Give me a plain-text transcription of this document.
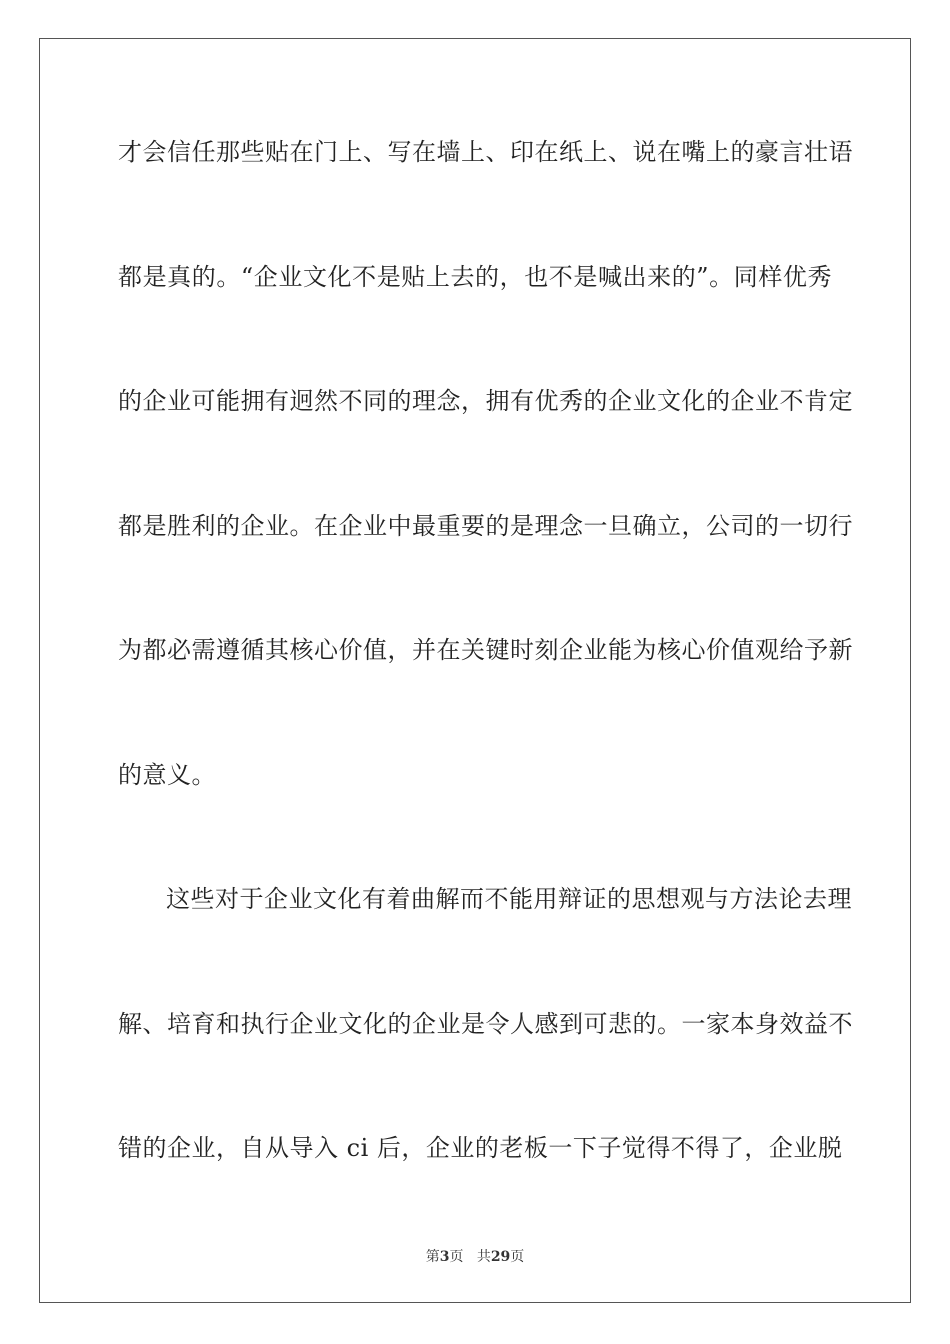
才会信任那些贴在门上、写在墙上、印在纸上、说在嘴上的豪言壮语
都是真的。“企业文化不是贴上去的，也不是喊出来的”。同样优秀
的企业可能拥有迥然不同的理念，拥有优秀的企业文化的企业不肯定
都是胜利的企业。在企业中最重要的是理念一旦确立，公司的一切行
为都必需遵循其核心价值，并在关键时刻企业能为核心价值观给予新
的意义。
这些对于企业文化有着曲解而不能用辩证的思想观与方法论去理
解、培育和执行企业文化的企业是令人感到可悲的。一家本身效益不
错的企业，自从导入 ci 后，企业的老板一下子觉得不得了，企业脱
第3页 共29页
